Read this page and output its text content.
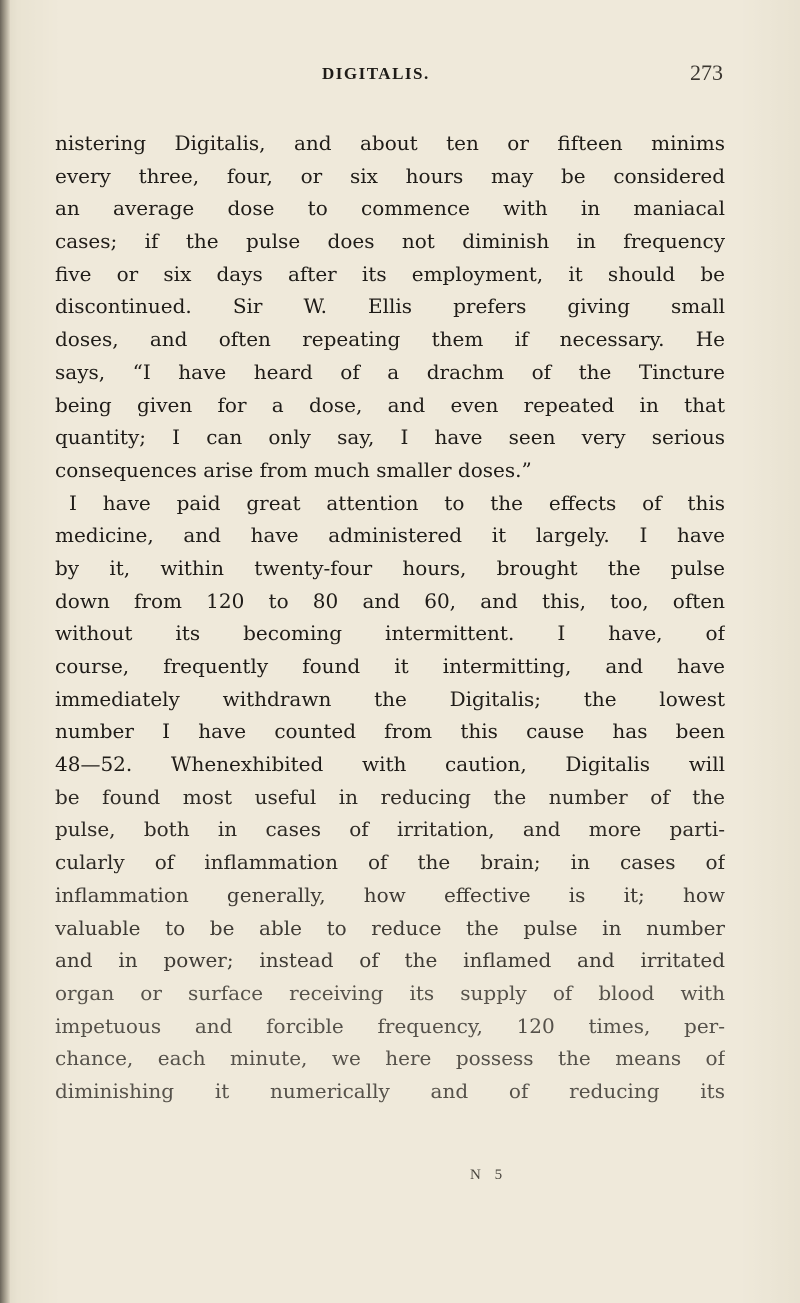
DIGITALIS.	273
nistering Digitalis, and about ten or fifteen minims
every three, four, or six hours may be considered
an average dose to commence with in maniacal
cases; if the pulse does not diminish in frequency
five or six days after its employment, it should be
discontinued. Sir W. Ellis prefers giving small
doses, and often repeating them if necessary. He
says, “I have heard of a drachm of the Tincture
being given for a dose, and even repeated in that
quantity; I can only say, I have seen very serious
consequences arise from much smaller doses.”
I have paid great attention to the effects of this
medicine, and have administered it largely. I have
by it, within twenty-four hours, brought the pulse
down from 120 to 80 and 60, and this, too, often
without its becoming intermittent. I have, of
course, frequently found it intermitting, and have
immediately withdrawn the Digitalis; the lowest
number I have counted from this cause has been
48—52. Whenexhibited with caution, Digitalis will
be found most useful in reducing the number of the
pulse, both in cases of irritation, and more parti-
cularly of inflammation of the brain; in cases of
inflammation generally, how effective is it; how
valuable to be able to reduce the pulse in number
and in power; instead of the inflamed and irritated
organ or surface receiving its supply of blood with
impetuous and forcible frequency, 120 times, per-
chance, each minute, we here possess the means of
diminishing it numerically and of reducing its
N 5
